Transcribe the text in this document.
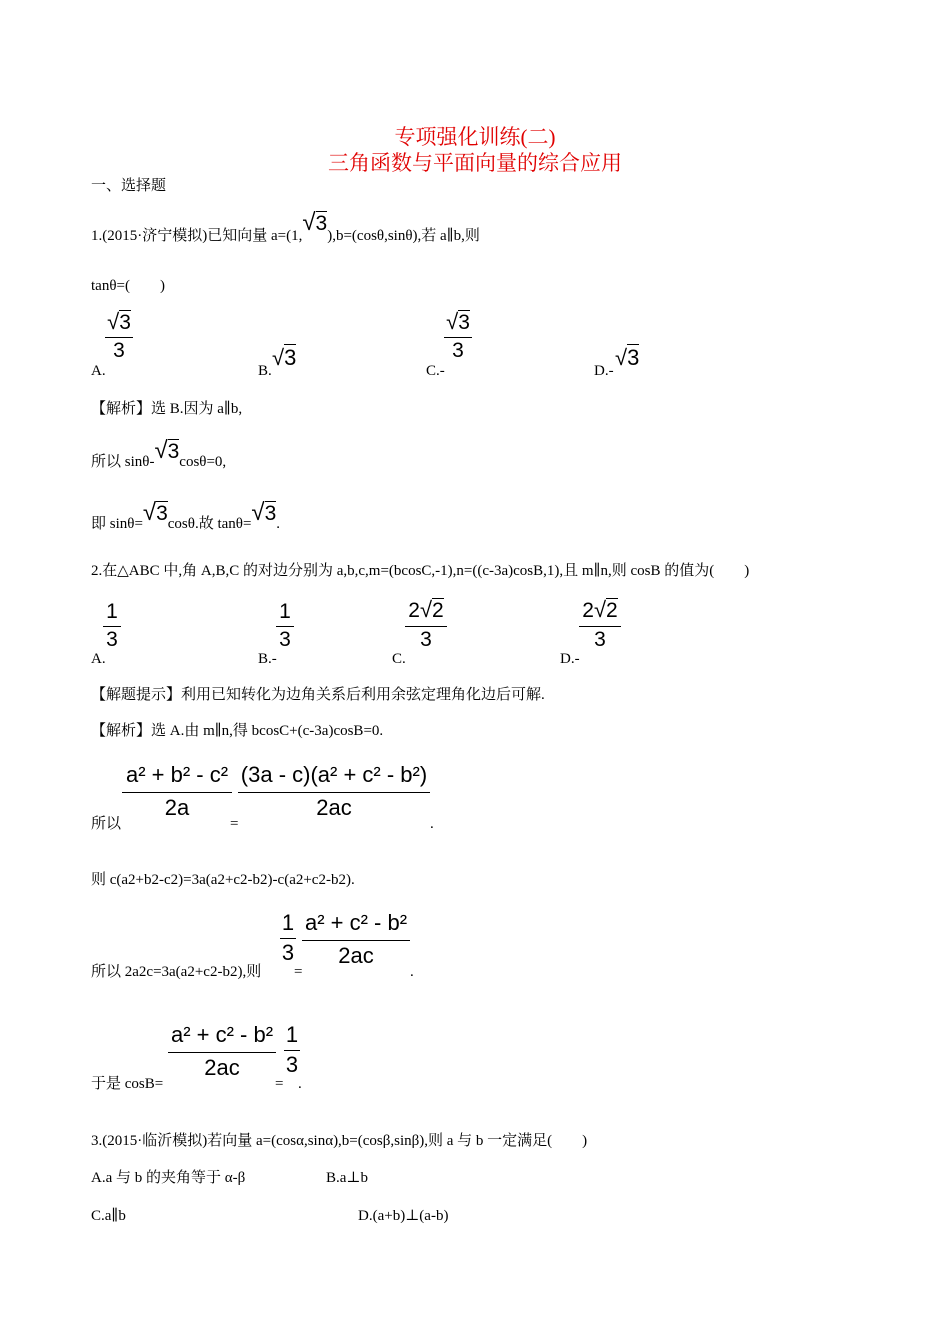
专项强化训练(二)
三角函数与平面向量的综合应用
一、选择题
1.(2015·济宁模拟)已知向量 a=(1,√3),b=(cosθ,sinθ),若 a∥b,则
tanθ=(　　)
A.
√3
3
B.
√3
C.-
√3
3
D.-
√3
【解析】选 B.因为 a∥b,
所以 sinθ-√3cosθ=0,
即 sinθ=√3cosθ.故 tanθ=√3.
2.在△ABC 中,角 A,B,C 的对边分别为 a,b,c,m=(bcosC,-1),n=((c-3a)cosB,1),且 m∥n,则 cosB 的值为(　　)
A.
1
3
B.-
1
3
C.
2√2
3
D.-
2√2
3
【解题提示】利用已知转化为边角关系后利用余弦定理角化边后可解.
【解析】选 A.由 m∥n,得 bcosC+(c-3a)cosB=0.
所以
a² + b² - c²
2a
=
(3a - c)(a² + c² - b²)
2ac
.
则 c(a2+b2-c2)=3a(a2+c2-b2)-c(a2+c2-b2).
所以 2a2c=3a(a2+c2-b2),则
1
3
=
a² + c² - b²
2ac
.
于是 cosB=
a² + c² - b²
2ac
=
1
3
.
3.(2015·临沂模拟)若向量 a=(cosα,sinα),b=(cosβ,sinβ),则 a 与 b 一定满足(　　)
A.a 与 b 的夹角等于 α-β	B.a⊥b
C.a∥b	D.(a+b)⊥(a-b)
